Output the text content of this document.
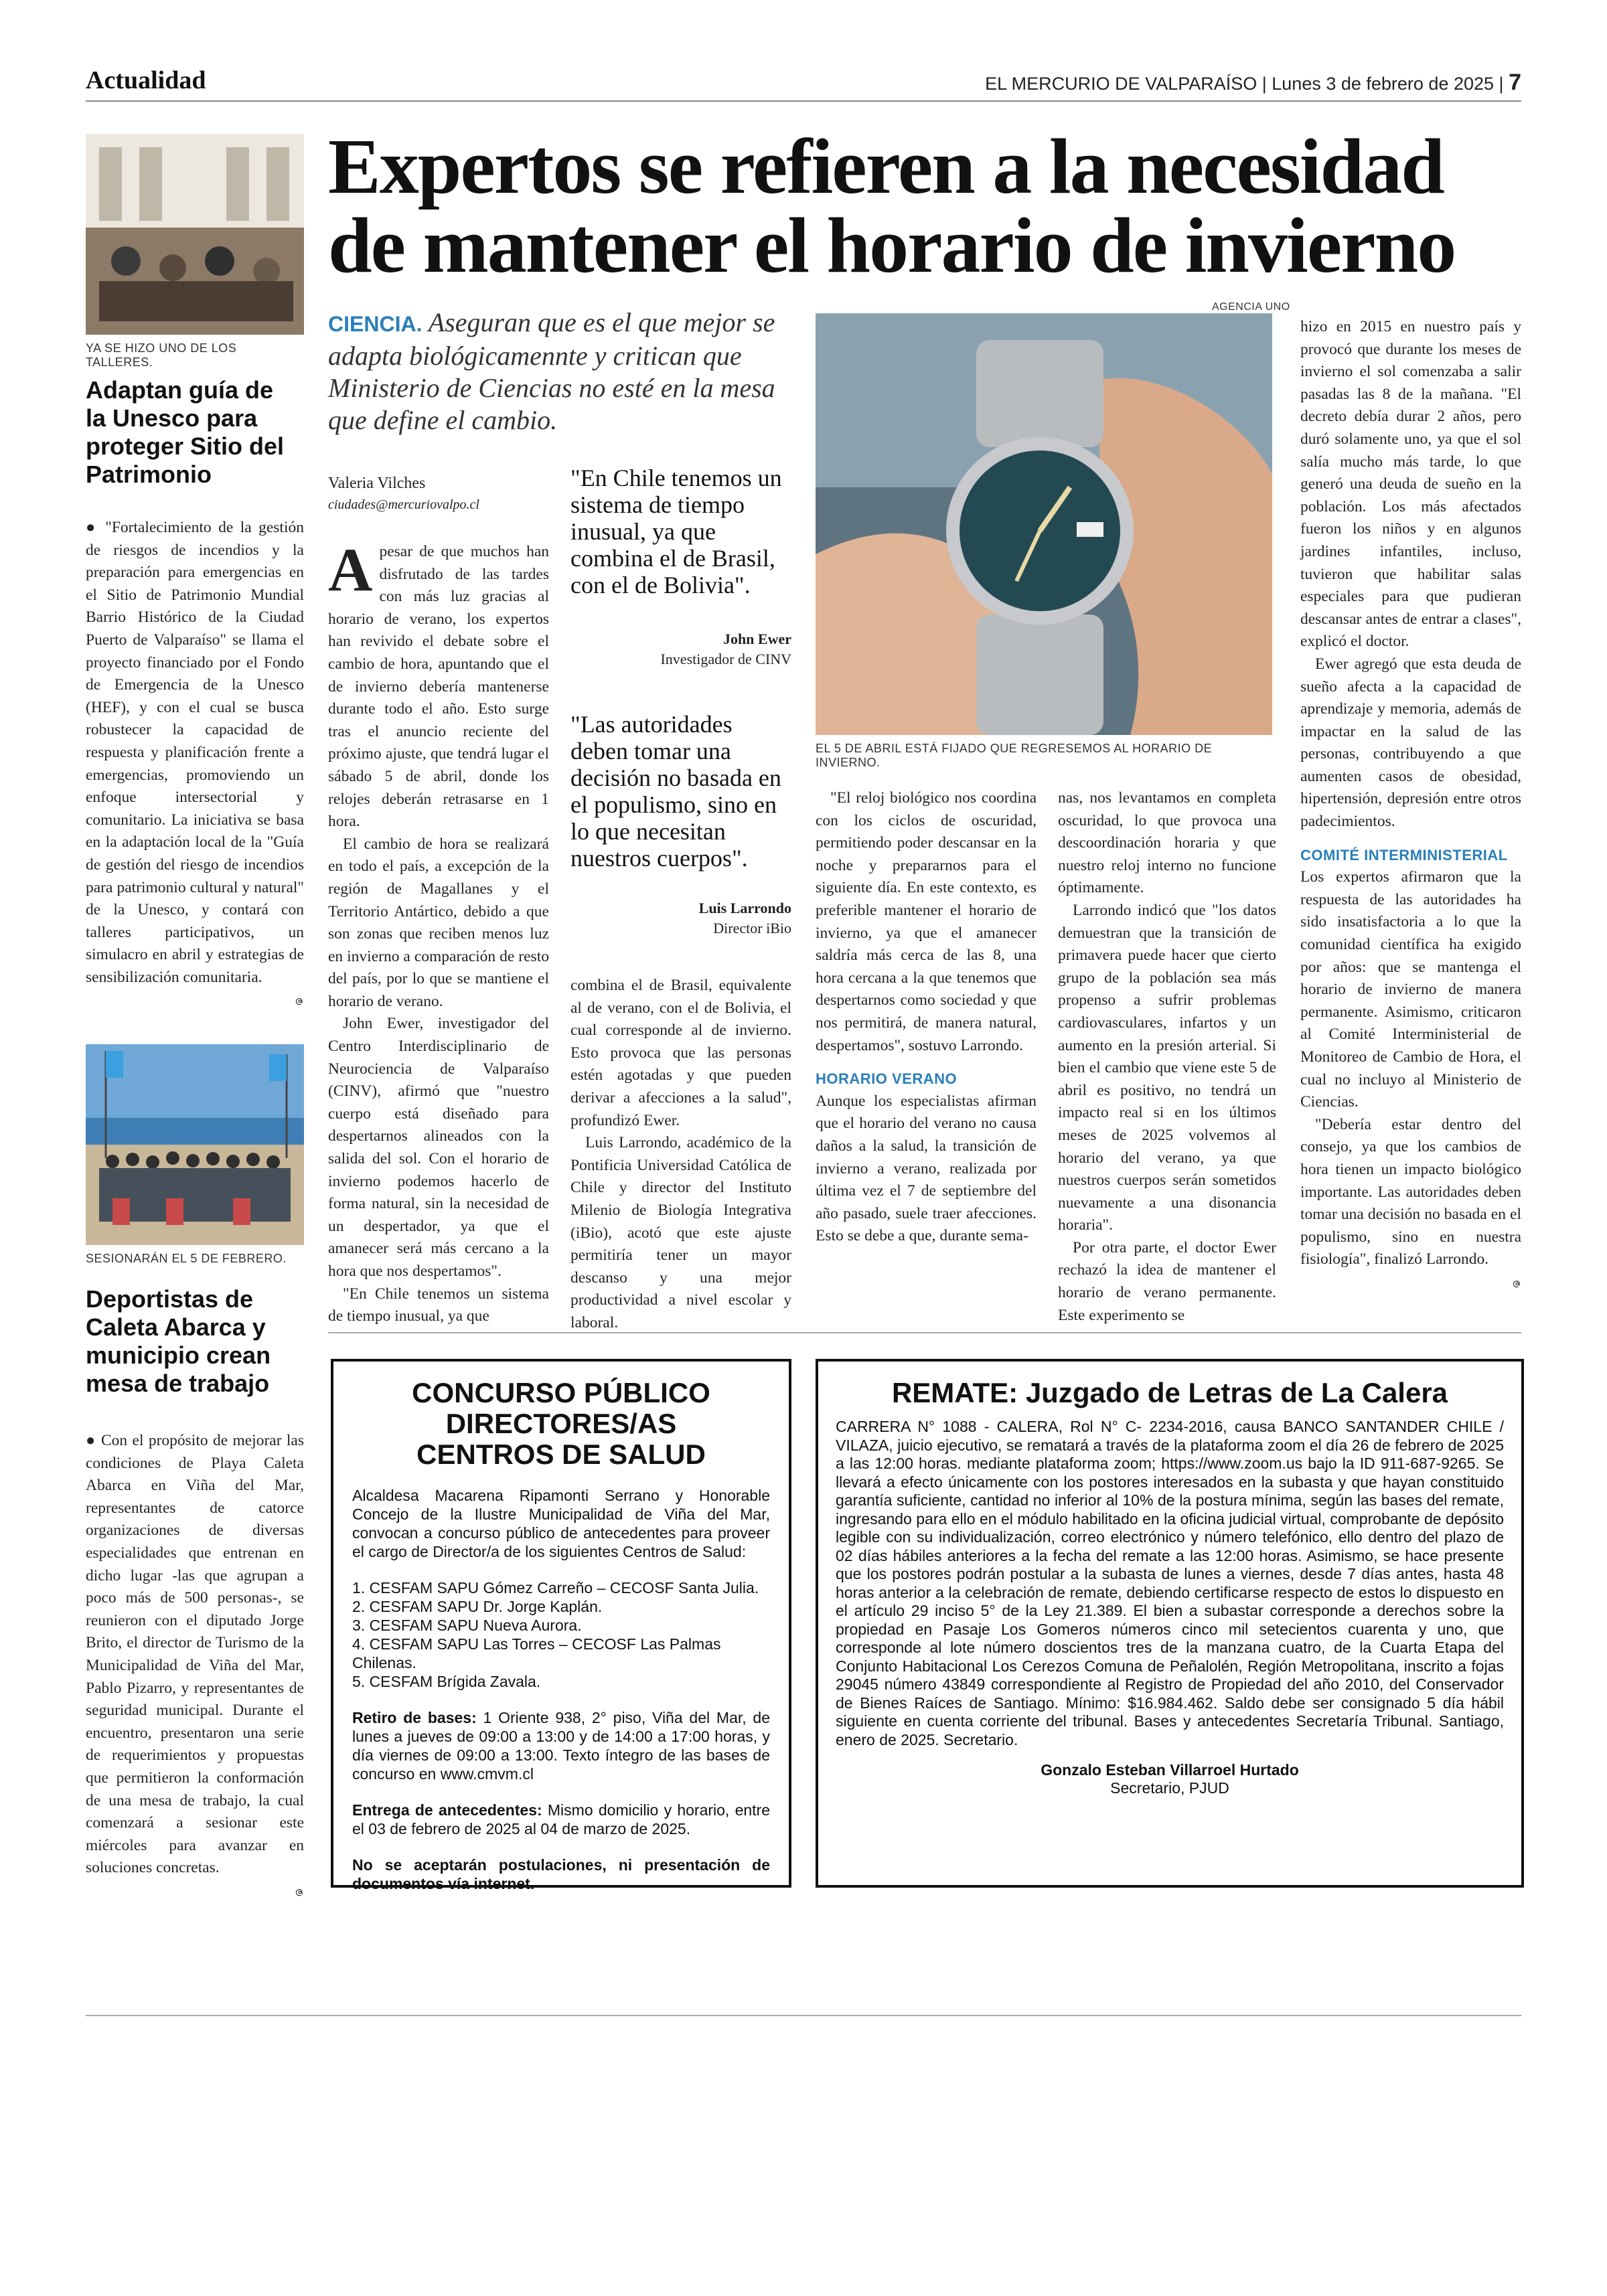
Actualidad	EL MERCURIO DE VALPARAÍSO | Lunes 3 de febrero de 2025 | 7
YA SE HIZO UNO DE LOS TALLERES.
Adaptan guía de la Unesco para proteger Sitio del Patrimonio

● "Fortalecimiento de la gestión de riesgos de incendios y la preparación para emergencias en el Sitio de Patrimonio Mundial Barrio Histórico de la Ciudad Puerto de Valparaíso" se llama el proyecto financiado por el Fondo de Emergencia de la Unesco (HEF), y con el cual se busca robustecer la capacidad de respuesta y planificación frente a emergencias, promoviendo un enfoque intersectorial y comunitario. La iniciativa se basa en la adaptación local de la "Guía de gestión del riesgo de incendios para patrimonio cultural y natural" de la Unesco, y contará con talleres participativos, un simulacro en abril y estrategias de sensibilización comunitaria.

ဇ
SESIONARÁN EL 5 DE FEBRERO.
Deportistas de Caleta Abarca y municipio crean mesa de trabajo

● Con el propósito de mejorar las condiciones de Playa Caleta Abarca en Viña del Mar, representantes de catorce organizaciones de diversas especialidades que entrenan en dicho lugar -las que agrupan a poco más de 500 personas-, se reunieron con el diputado Jorge Brito, el director de Turismo de la Municipalidad de Viña del Mar, Pablo Pizarro, y representantes de seguridad municipal. Durante el encuentro, presentaron una serie de requerimientos y propuestas que permitieron la conformación de una mesa de trabajo, la cual comenzará a sesionar este miércoles para avanzar en soluciones concretas.

ဇ
Expertos se refieren a la necesidad
de mantener el horario de invierno
CIENCIA. Aseguran que es el que mejor se adapta biológicamennte y critican que Ministerio de Ciencias no esté en la mesa que define el cambio.
Valeria Vilches
ciudades@mercuriovalpo.cl

Apesar de que muchos han disfrutado de las tardes con más luz gracias al horario de verano, los expertos han revivido el debate sobre el cambio de hora, apuntando que el de invierno debería mantenerse durante todo el año. Esto surge tras el anuncio reciente del próximo ajuste, que tendrá lugar el sábado 5 de abril, donde los relojes deberán retrasarse en 1 hora.

El cambio de hora se realizará en todo el país, a excepción de la región de Magallanes y el Territorio Antártico, debido a que son zonas que reciben menos luz en invierno a comparación de resto del país, por lo que se mantiene el horario de verano.

John Ewer, investigador del Centro Interdisciplinario de Neurociencia de Valparaíso (CINV), afirmó que "nuestro cuerpo está diseñado para despertarnos alineados con la salida del sol. Con el horario de invierno podemos hacerlo de forma natural, sin la necesidad de un despertador, ya que el amanecer será más cercano a la hora que nos despertamos".

"En Chile tenemos un sistema de tiempo inusual, ya que

"En Chile tenemos un sistema de tiempo inusual, ya que combina el de Brasil, con el de Bolivia".
John Ewer
Investigador de CINV
"Las autoridades deben tomar una decisión no basada en el populismo, sino en lo que necesitan nuestros cuerpos".
Luis Larrondo
Director iBio

combina el de Brasil, equivalente al de verano, con el de Bolivia, el cual corresponde al de invierno. Esto provoca que las personas estén agotadas y que pueden derivar a afecciones a la salud", profundizó Ewer.

Luis Larrondo, académico de la Pontificia Universidad Católica de Chile y director del Instituto Milenio de Biología Integrativa (iBio), acotó que este ajuste permitiría tener un mayor descanso y una mejor productividad a nivel escolar y laboral.

AGENCIA UNO
EL 5 DE ABRIL ESTÁ FIJADO QUE REGRESEMOS AL HORARIO DE INVIERNO.

"El reloj biológico nos coordina con los ciclos de oscuridad, permitiendo poder descansar en la noche y prepararnos para el siguiente día. En este contexto, es preferible mantener el horario de invierno, ya que el amanecer saldría más cerca de las 8, una hora cercana a la que tenemos que despertarnos como sociedad y que nos permitirá, de manera natural, despertamos", sostuvo Larrondo.

HORARIO VERANO

Aunque los especialistas afirman que el horario del verano no causa daños a la salud, la transición de invierno a verano, realizada por última vez el 7 de septiembre del año pasado, suele traer afecciones. Esto se debe a que, durante sema-

nas, nos levantamos en completa oscuridad, lo que provoca una descoordinación horaria y que nuestro reloj interno no funcione óptimamente.

Larrondo indicó que "los datos demuestran que la transición de primavera puede hacer que cierto grupo de la población sea más propenso a sufrir problemas cardiovasculares, infartos y un aumento en la presión arterial. Si bien el cambio que viene este 5 de abril es positivo, no tendrá un impacto real si en los últimos meses de 2025 volvemos al horario del verano, ya que nuestros cuerpos serán sometidos nuevamente a una disonancia horaria".

Por otra parte, el doctor Ewer rechazó la idea de mantener el horario de verano permanente. Este experimento se

hizo en 2015 en nuestro país y provocó que durante los meses de invierno el sol comenzaba a salir pasadas las 8 de la mañana. "El decreto debía durar 2 años, pero duró solamente uno, ya que el sol salía mucho más tarde, lo que generó una deuda de sueño en la población. Los más afectados fueron los niños y en algunos jardines infantiles, incluso, tuvieron que habilitar salas especiales para que pudieran descansar antes de entrar a clases", explicó el doctor.

Ewer agregó que esta deuda de sueño afecta a la capacidad de aprendizaje y memoria, además de impactar en la salud de las personas, contribuyendo a que aumenten casos de obesidad, hipertensión, depresión entre otros padecimientos.

COMITÉ INTERMINISTERIAL

Los expertos afirmaron que la respuesta de las autoridades ha sido insatisfactoria a lo que la comunidad científica ha exigido por años: que se mantenga el horario de invierno de manera permanente. Asimismo, criticaron al Comité Interministerial de Monitoreo de Cambio de Hora, el cual no incluyo al Ministerio de Ciencias.

"Debería estar dentro del consejo, ya que los cambios de hora tienen un impacto biológico importante. Las autoridades deben tomar una decisión no basada en el populismo, sino en nuestra fisiología", finalizó Larrondo.

ဇ
CONCURSO PÚBLICO
DIRECTORES/AS
CENTROS DE SALUD
Alcaldesa Macarena Ripamonti Serrano y Honorable Concejo de la Ilustre Municipalidad de Viña del Mar, convocan a concurso público de antecedentes para proveer el cargo de Director/a de los siguientes Centros de Salud:
1. CESFAM SAPU Gómez Carreño – CECOSF Santa Julia.
2. CESFAM SAPU Dr. Jorge Kaplán.
3. CESFAM SAPU Nueva Aurora.
4. CESFAM SAPU Las Torres – CECOSF Las Palmas Chilenas.
5. CESFAM Brígida Zavala.
Retiro de bases: 1 Oriente 938, 2° piso, Viña del Mar, de lunes a jueves de 09:00 a 13:00 y de 14:00 a 17:00 horas, y día viernes de 09:00 a 13:00. Texto íntegro de las bases de concurso en www.cmvm.cl
Entrega de antecedentes: Mismo domicilio y horario, entre el 03 de febrero de 2025 al 04 de marzo de 2025.
No se aceptarán postulaciones, ni presentación de documentos vía internet.
REMATE: Juzgado de Letras de La Calera
CARRERA N° 1088 - CALERA, Rol N° C- 2234-2016, causa BANCO SANTANDER CHILE / VILAZA, juicio ejecutivo, se rematará a través de la plataforma zoom el día 26 de febrero de 2025 a las 12:00 horas. mediante plataforma zoom; https://www.zoom.us bajo la ID 911-687-9265. Se llevará a efecto únicamente con los postores interesados en la subasta y que hayan constituido garantía suficiente, cantidad no inferior al 10% de la postura mínima, según las bases del remate, ingresando para ello en el módulo habilitado en la oficina judicial virtual, comprobante de depósito legible con su individualización, correo electrónico y número telefónico, ello dentro del plazo de 02 días hábiles anteriores a la fecha del remate a las 12:00 horas. Asimismo, se hace presente que los postores podrán postular a la subasta de lunes a viernes, desde 7 días antes, hasta 48 horas anterior a la celebración de remate, debiendo certificarse respecto de estos lo dispuesto en el artículo 29 inciso 5° de la Ley 21.389. El bien a subastar corresponde a derechos sobre la propiedad en Pasaje Los Gomeros números cinco mil setecientos cuarenta y uno, que corresponde al lote número doscientos tres de la manzana cuatro, de la Cuarta Etapa del Conjunto Habitacional Los Cerezos Comuna de Peñalolén, Región Metropolitana, inscrito a fojas 29045 número 43849 correspondiente al Registro de Propiedad del año 2010, del Conservador de Bienes Raíces de Santiago. Mínimo: $16.984.462. Saldo debe ser consignado 5 día hábil siguiente en cuenta corriente del tribunal. Bases y antecedentes Secretaría Tribunal. Santiago, enero de 2025. Secretario.
Gonzalo Esteban Villarroel Hurtado
Secretario, PJUD
